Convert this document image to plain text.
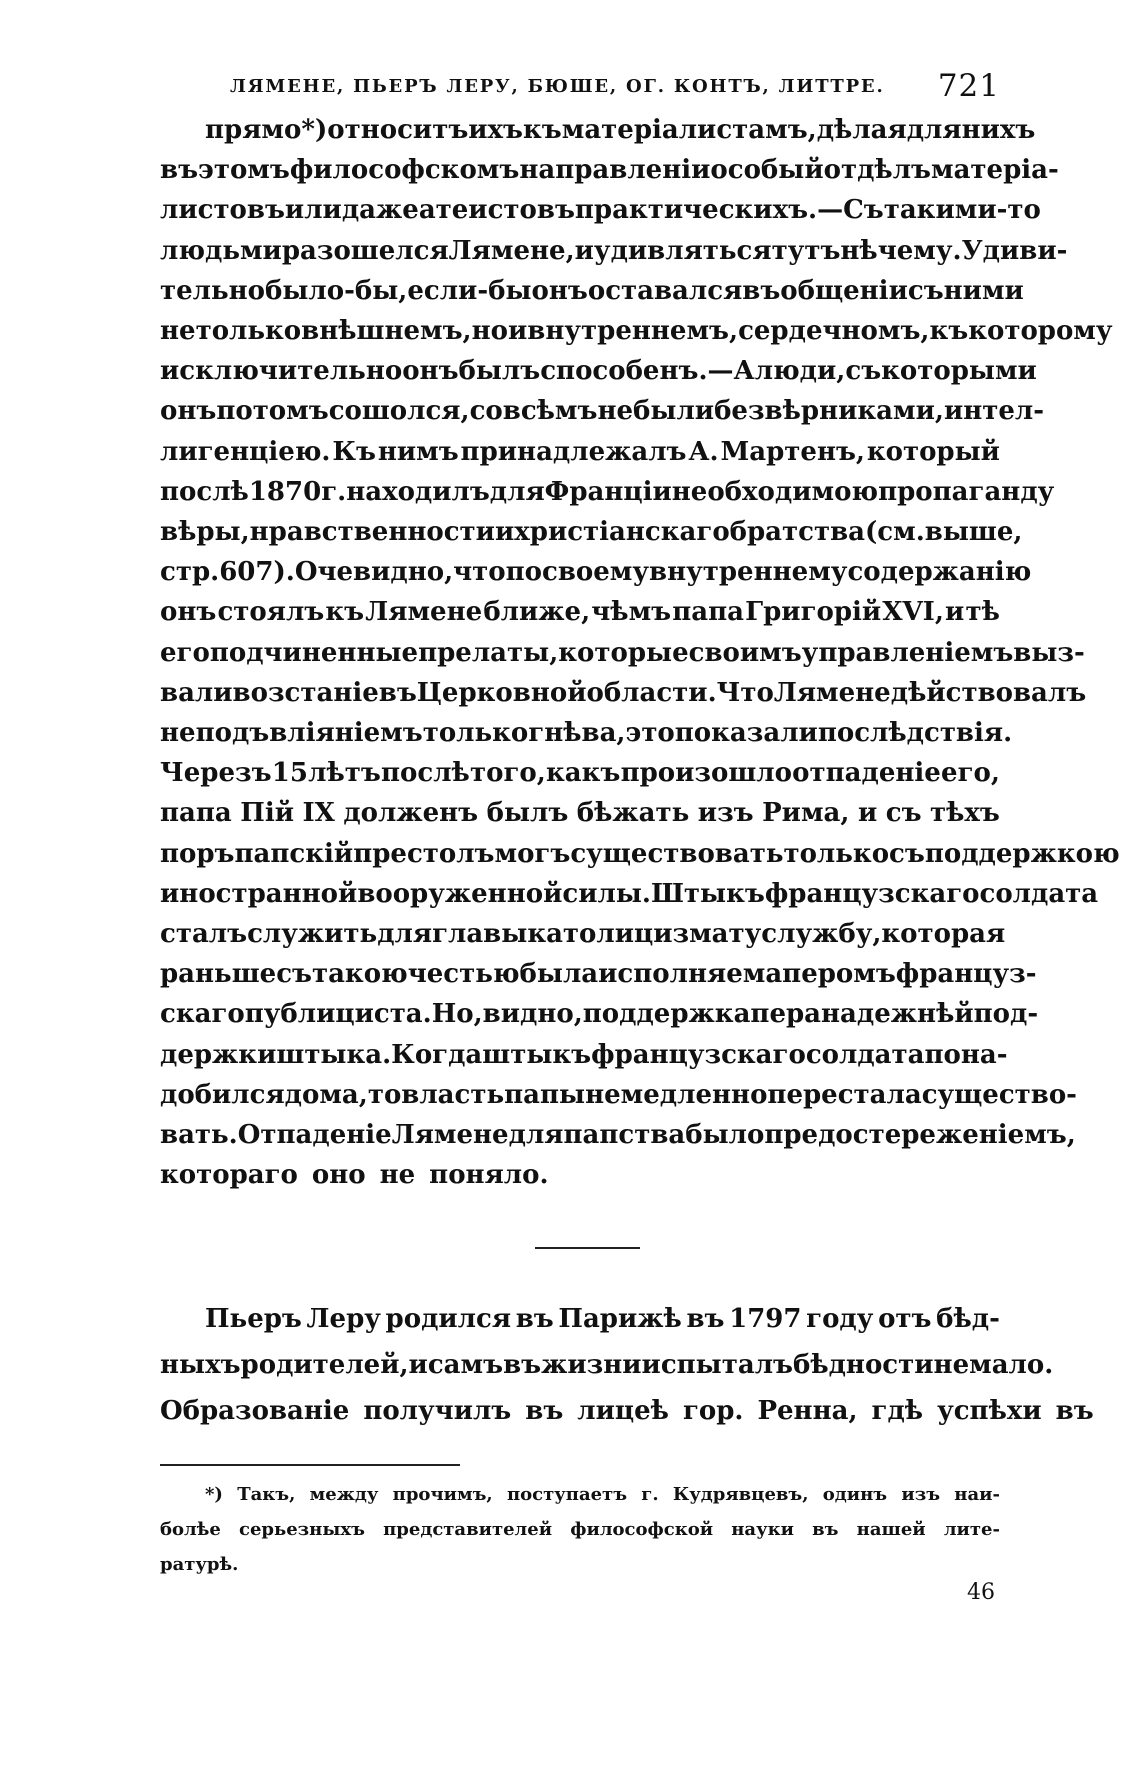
ЛЯМЕНЕ, ПЬЕРЪ ЛЕРУ, БЮШЕ, ОГ. КОНТЪ, ЛИТТРЕ. 721
прямо *) относитъ ихъ къ матеріалистамъ, дѣлая для нихъ
въ этомъ философскомъ направленіи особый отдѣлъ матеріа-
листовъ или даже атеистовъ практическихъ.—Съ такими-то
людьми разошелся Лямене, и удивляться тутъ нѣчему. Удиви-
тельно было-бы, если-бы онъ оставался въ общеніи съ ними
не только внѣшнемъ, но и внутреннемъ, сердечномъ, къ которому
исключительно онъ былъ способенъ.—А люди, съ которыми
онъ потомъ сошолся, совсѣмъ не были безвѣрниками, интел-
лигенціею. Къ нимъ принадлежалъ А. Мартенъ, который
послѣ 1870 г. находилъ для Франціи необходимою пропаганду
вѣры, нравственности и христіанскаго братства (см. выше,
стр. 607). Очевидно, что по своему внутреннему содержанію
онъ стоялъ къ Лямене ближе, чѣмъ папа Григорій XVI, и тѣ
его подчиненные прелаты, которые своимъ управленіемъ выз-
вали возстаніе въ Церковной области. Что Лямене дѣйствовалъ
не подъ вліяніемъ только гнѣва, это показали послѣдствія.
Черезъ 15 лѣтъ послѣ того, какъ произошло отпаденіе его,
папа Пій IX долженъ былъ бѣжать изъ Рима, и съ тѣхъ
поръ папскій престолъ могъ существовать только съ поддержкою
иностранной вооруженной силы. Штыкъ французскаго солдата
сталъ служить для главы католицизма ту службу, которая
раньше съ такою честью была исполняема перомъ француз-
скаго публициста. Но, видно, поддержка пера надежнѣй под-
держки штыка. Когда штыкъ французскаго солдата пона-
добился дома, то власть папы немедленно перестала существо-
вать. Отпаденіе Лямене для папства было предостереженіемъ,
котораго оно не поняло.
Пьеръ Леру родился въ Парижѣ въ 1797 году отъ бѣд-
ныхъ родителей, и самъ въ жизни испыталъ бѣдности не мало.
Образованіе получилъ въ лицеѣ гор. Ренна, гдѣ успѣхи въ
*) Такъ, между прочимъ, поступаетъ г. Кудрявцевъ, одинъ изъ наи-
болѣе серьезныхъ представителей философской науки въ нашей лите-
ратурѣ.
46
